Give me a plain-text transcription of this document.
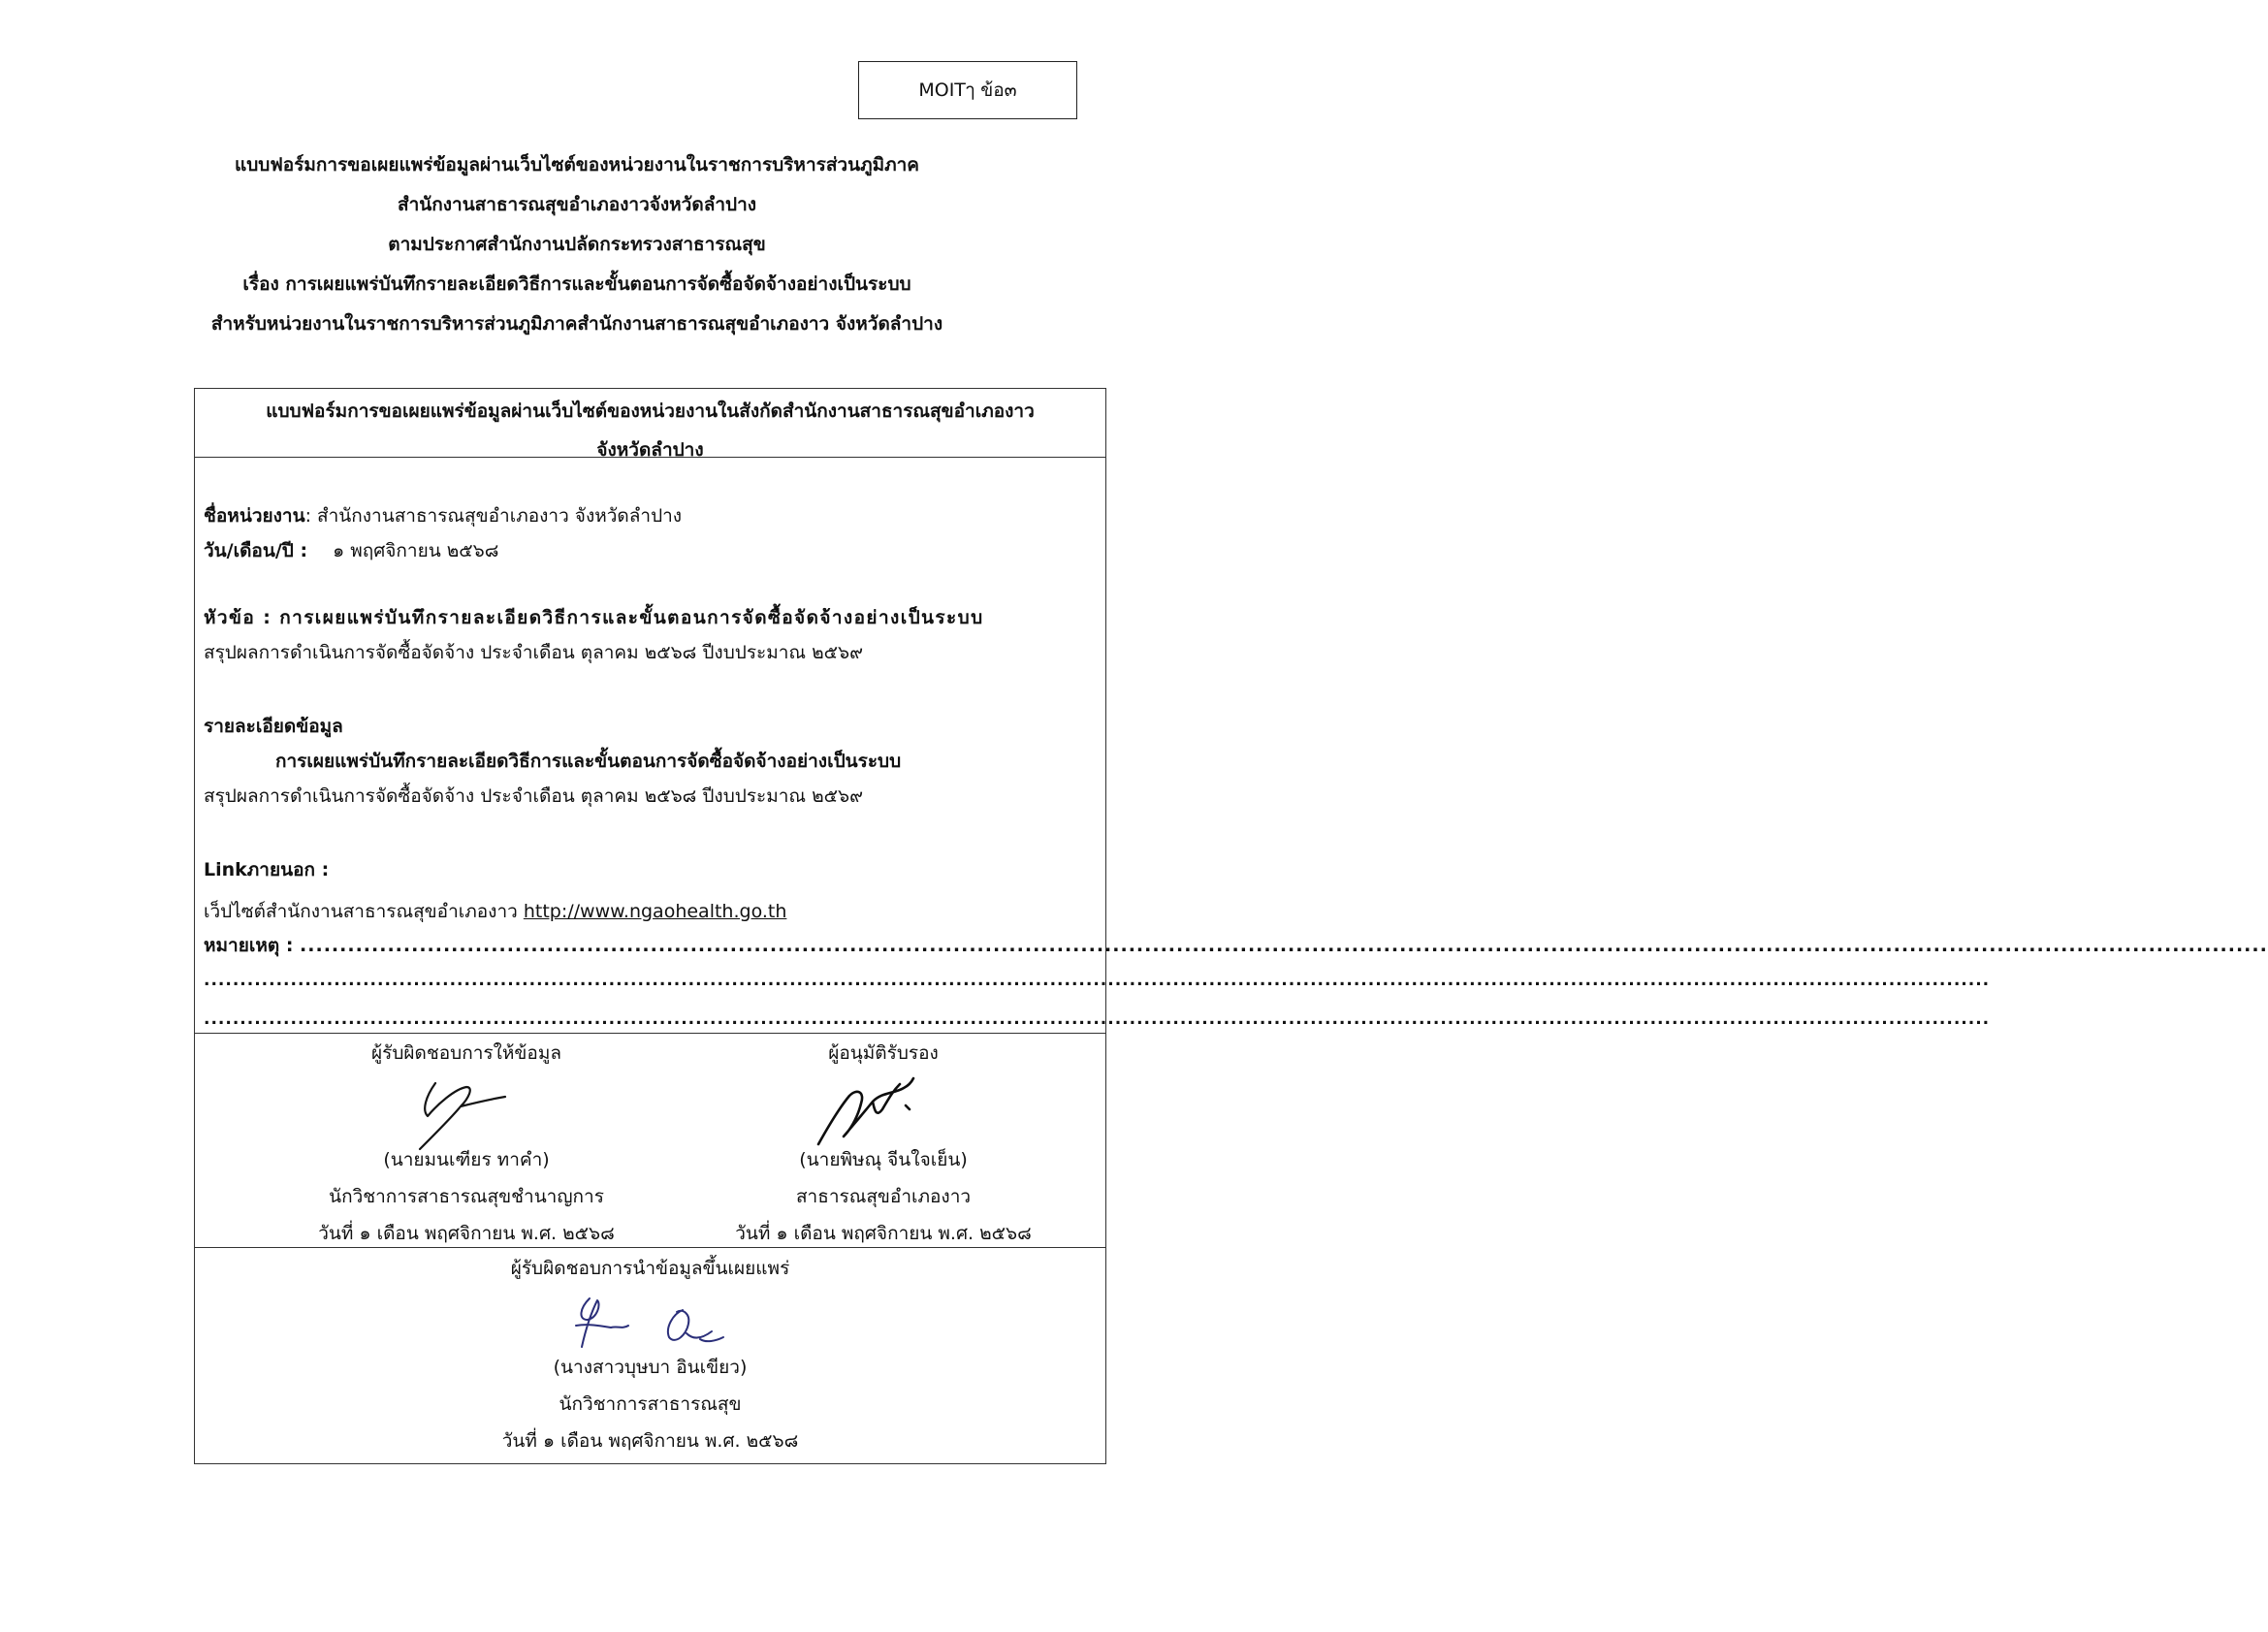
MOITๅ ข้อ๓
แบบฟอร์มการขอเผยแพร่ข้อมูลผ่านเว็บไซต์ของหน่วยงานในราชการบริหารส่วนภูมิภาค
สำนักงานสาธารณสุขอำเภองาวจังหวัดลำปาง
ตามประกาศสำนักงานปลัดกระทรวงสาธารณสุข
เรื่อง การเผยแพร่บันทึกรายละเอียดวิธีการและขั้นตอนการจัดซื้อจัดจ้างอย่างเป็นระบบ
สำหรับหน่วยงานในราชการบริหารส่วนภูมิภาคสำนักงานสาธารณสุขอำเภองาว จังหวัดลำปาง
แบบฟอร์มการขอเผยแพร่ข้อมูลผ่านเว็บไซต์ของหน่วยงานในสังกัดสำนักงานสาธารณสุขอำเภองาว
จังหวัดลำปาง
ชื่อหน่วยงาน: สำนักงานสาธารณสุขอำเภองาว จังหวัดลำปาง
วัน/เดือน/ปี : ๑ พฤศจิกายน ๒๕๖๘
หัวข้อ : การเผยแพร่บันทึกรายละเอียดวิธีการและขั้นตอนการจัดซื้อจัดจ้างอย่างเป็นระบบ
สรุปผลการดำเนินการจัดซื้อจัดจ้าง ประจำเดือน ตุลาคม ๒๕๖๘ ปีงบประมาณ ๒๕๖๙
รายละเอียดข้อมูล
การเผยแพร่บันทึกรายละเอียดวิธีการและขั้นตอนการจัดซื้อจัดจ้างอย่างเป็นระบบ
สรุปผลการดำเนินการจัดซื้อจัดจ้าง ประจำเดือน ตุลาคม ๒๕๖๘ ปีงบประมาณ ๒๕๖๙
Linkภายนอก :
เว็ปไซต์สำนักงานสาธารณสุขอำเภองาว http://www.ngaohealth.go.th
หมายเหตุ : .......................................................................................................................................................................................................................................................
.......................................................................................................................................................................................................................................................
.......................................................................................................................................................................................................................................................
ผู้รับผิดชอบการให้ข้อมูล
(นายมนเฑียร ทาคำ)
นักวิชาการสาธารณสุขชำนาญการ
วันที่ ๑ เดือน พฤศจิกายน พ.ศ. ๒๕๖๘
ผู้อนุมัติรับรอง
(นายพิษณุ จีนใจเย็น)
สาธารณสุขอำเภองาว
วันที่ ๑ เดือน พฤศจิกายน พ.ศ. ๒๕๖๘
ผู้รับผิดชอบการนำข้อมูลขึ้นเผยแพร่
(นางสาวบุษบา อินเขียว)
นักวิชาการสาธารณสุข
วันที่ ๑ เดือน พฤศจิกายน พ.ศ. ๒๕๖๘
